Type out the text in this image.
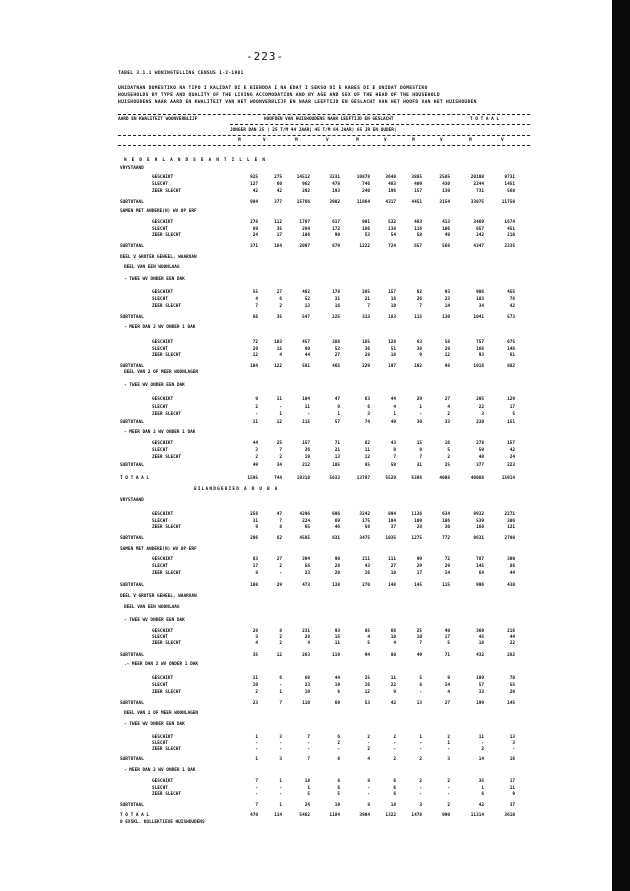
-223-
TABEL 3.1.1 WONINGTELLING CENSUS 1-2-1981
UNIDATNAN DOMESTIKO NA TIPO I KALIDAT DI E BIENDDA I NA EDAT I SEKSO DI E KABES DI E UNIDAT DOMESTIKO
HOUSEHOLDS BY TYPE AND QUALITY OF THE LIVING ACCOMODATION AND BY AGE AND SEX OF THE HEAD OF THE HOUSEHOLD
HUISHOUDENS NAAR AARD EN KWALITEIT VAN HET WOONVERBLIJF EN NAAR LEEFTIJD EN GESLACHT VAN HET HOOFD VAN HET HUISHOUDEN
AARD EN KWALITEIT WOONVERBLIJF	HOOFDEN VAN HUISHOUDENS NAAR LEEFTIJD EN GESLACHT	T O T A A L
JONGER DAN 25 | 25 T/M 44 JAAR| 45 T/M 64 JAAR| 65 JR EN OUDER|
M	V	M	V	M	V	M	V	M	V
N E D E R L A N D S E A N T I L L E N
VRYSTAAND
GESCHIKT	825	275	14512	3231	10878	3640	3885	2585	20100	9731
SLECHT	127	60	962	478	746	483	409	430	2244	1451
ZEER SLECHT	42	42	292	193	240	196	157	139	731	568
SUBTOTAAL	994	377	15766	3902	11864	4317	4451	3154	33075	11750
SAMEN MET ANDERE(N) WV OP ERF
GESCHIKT	278	112	1707	617	901	532	483	413	3469	1674
SLECHT	69	35	284	172	186	138	116	106	657	451
ZEER SLECHT	24	17	106	90	53	54	58	49	242	210
SUBTOTAAL	371	164	2097	879	1222	724	657	568	4347	2335
DEEL V GROTER GEHEEL, WAARVAN
DEEL VAN EEN WOONLAAG
- TWEE WV ONDER EEN DAK
GESCHIKT	55	27	482	178	285	157	82	93	906	455
SLECHT	4	6	52	31	21	16	26	23	103	76
ZEER SLECHT	7	2	13	16	7	10	7	14	34	42
SUBTOTAAL	66	35	547	225	313	183	115	130	1041	573
- MEER DAN 2 WV ONDER 1 DAK
GESCHIKT	72	103	457	386	165	128	63	58	757	675
SLECHT	20	15	80	52	36	51	30	28	166	146
ZEER SLECHT	12	4	44	27	28	18	9	12	93	61
SUBTOTAAL	104	122	581	465	229	197	102	98	1016	882
DEEL VAN 2 OF MEER WOONLAGEN
- TWEE WV ONDER EEN DAK
GESCHIKT	9	11	104	47	63	44	29	27	205	129
SLECHT	2	-	11	9	6	4	1	4	22	17
ZEER SLECHT	-	1	-	1	3	1	-	2	3	5
SUBTOTAAL	11	12	115	57	74	49	30	33	230	151
- MEER DAN 2 WV ONDER 1 DAK
GESCHIKT	44	25	157	71	62	43	15	16	278	157
SLECHT	3	7	36	21	11	9	9	5	59	42
ZEER SLECHT	2	2	19	13	12	7	7	2	40	24
SUBTOTAAL	49	34	212	105	85	59	31	25	377	223
T O T A A L	1595	744	19318	5633	13787	5529	5386	4008	40086	15914
EILANDGEBIED A R U B A
VRYSTAAND
GESCHIKT	256	47	4296	696	3242	894	1136	634	8932	2271
SLECHT	31	7	224	69	175	104	109	106	539	306
ZEER SLECHT	9	8	65	46	58	37	28	30	160	121
SUBTOTAAL	296	62	4585	831	3475	1035	1275	772	9631	2700
SAMEN MET ANDERE(N) WV OP ERF
GESCHIKT	83	27	394	90	211	111	99	72	787	300
SLECHT	17	2	56	28	43	27	29	29	145	86
ZEER SLECHT	8	-	23	20	16	10	17	14	64	44
SUBTOTAAL	108	29	473	138	270	148	145	115	996	430
DEEL V GROTER GEHEEL, WAARVAN
DEEL VAN EEN WOONLAAG
- TWEE WV ONDER EEN DAK
GESCHIKT	28	8	231	93	85	66	25	49	369	216
SLECHT	3	2	28	15	4	10	10	17	45	44
ZEER SLECHT	4	2	4	11	5	4	7	5	18	22
SUBTOTAAL	35	12	263	119	94	80	49	71	432	282
.- MEER DAN 2 WV ONDER 1 DAK
GESCHIKT	11	6	68	44	25	11	5	9	109	70
SLECHT	10	-	23	19	16	22	8	14	57	55
ZEER SLECHT	2	1	19	6	12	9	-	4	33	20
SUBTOTAAL	23	7	110	69	53	42	13	27	199	145
DEEL VAN 2 OF MEER WOONLAGEN
- TWEE WV ONDER EEN DAK
GESCHIKT	1	3	7	6	2	2	1	2	11	13
SLECHT	-	-	-	2	-	-	-	1	-	3
ZEER SLECHT	-	-	-	-	2	-	-	-	2	-
SUBTOTAAL	1	3	7	8	4	2	2	3	14	16
- MEER DAN 2 WV ONDER 1 DAK
GESCHIKT	7	1	18	8	8	6	2	2	35	17
SLECHT	-	-	1	6	-	6	-	-	1	11
ZEER SLECHT	-	-	5	5	-	6	-	-	6	9
SUBTOTAAL	7	1	24	19	8	18	3	2	42	37
T O T A A L	470	114	5462	1184	3904	1322	1478	990	11314	3610
0 EXSKL. KOLLEKTIEVE HUISHOUDENS
